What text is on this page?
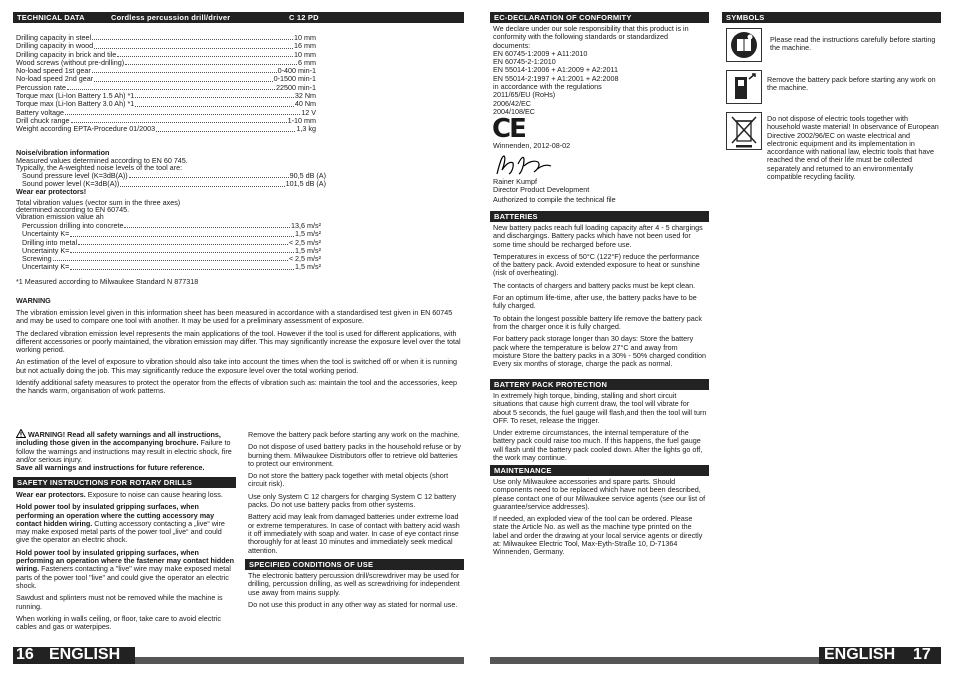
TECHNICAL DATA	Cordless percussion drill/driver	C 12 PD
Drilling capacity in steel	10 mm
Drilling capacity in wood	16 mm
Drilling capacity in brick and tile	10 mm
Wood screws (without pre-drilling)	6 mm
No-load speed 1st gear	0-400 min-1
No-load speed 2nd gear	0-1500 min-1
Percussion rate	22500 min-1
Torque max (Li-Ion Battery 1.5 Ah) *1	32 Nm
Torque max (Li-Ion Battery 3.0 Ah) *1	40 Nm
Battery voltage	12 V
Drill chuck range	1-10 mm
Weight according EPTA-Procedure 01/2003	1,3 kg
Noise/vibration information
Measured values determined according to EN 60 745.
Typically, the A-weighted noise levels of the tool are:
Sound pressure level (K=3dB(A))	90,5 dB (A)
Sound power level (K=3dB(A))	101,5 dB (A)
Wear ear protectors!
Total vibration values (vector sum in the three axes)
determined according to EN 60745.
Vibration emission value ah
Percussion drilling into concrete	13,6 m/s²
Uncertainty K=	1,5 m/s²
Drilling into metal	< 2,5 m/s²
Uncertainty K=	1,5 m/s²
Screwing	< 2,5 m/s²
Uncertainty K=	1,5 m/s²
*1 Measured according to Milwaukee Standard N 877318
WARNING

The vibration emission level given in this information sheet has been measured in accordance with a standardised test given in EN 60745 and may be used to compare one tool with another. It may be used for a preliminary assessment of exposure.

The declared vibration emission level represents the main applications of the tool. However if the tool is used for different applications, with different accessories or poorly maintained, the vibration emission may differ. This may significantly increase the exposure level over the total working period.

An estimation of the level of exposure to vibration should also take into account the times when the tool is switched off or when it is running but not actually doing the job. This may significantly reduce the exposure level over the total working period.

Identify additional safety measures to protect the operator from the effects of vibration such as: maintain the tool and the accessories, keep the hands warm, organisation of work patterns.

WARNING! Read all safety warnings and all instructions, including those given in the accompanying brochure. Failure to follow the warnings and instructions may result in electric shock, fire and/or serious injury.
Save all warnings and instructions for future reference.
SAFETY INSTRUCTIONS FOR ROTARY DRILLS

Wear ear protectors. Exposure to noise can cause hearing loss.

Hold power tool by insulated gripping surfaces, when performing an operation where the cutting accessory may contact hidden wiring. Cutting accessory contacting a „live“ wire may make exposed metal parts of the power tool „live“ and could give the operator an electric shock.

Hold power tool by insulated gripping surfaces, when performing an operation where the fastener may contact hidden wiring. Fasteners contacting a "live" wire may make exposed metal parts of the power tool "live" and could give the operator an electric shock.

Sawdust and splinters must not be removed while the machine is running.

When working in walls ceiling, or floor, take care to avoid electric cables and gas or waterpipes.

Remove the battery pack before starting any work on the machine.

Do not dispose of used battery packs in the household refuse or by burning them. Milwaukee Distributors offer to retrieve old batteries to protect our environment.

Do not store the battery pack together with metal objects (short circuit risk).

Use only System C 12 chargers for charging System C 12 battery packs. Do not use battery packs from other systems.

Battery acid may leak from damaged batteries under extreme load or extreme temperatures. In case of contact with battery acid wash it off immediately with soap and water. In case of eye contact rinse thoroughly for at least 10 minutes and immediately seek medical attention.

SPECIFIED CONDITIONS OF USE

The electronic battery percussion drill/screwdriver may be used for drilling, percussion drilling, as well as screwdriving for independent use away from mains supply.

Do not use this product in any other way as stated for normal use.

16 ENGLISH
EC-DECLARATION OF CONFORMITY
We declare under our sole responsibility that this product is in conformity with the following standards or standardized documents:
EN 60745-1:2009 + A11:2010
EN 60745-2-1:2010
EN 55014-1:2006 + A1:2009 + A2:2011
EN 55014-2:1997 + A1:2001 + A2:2008
in accordance with the regulations
2011/65/EU (RoHs)
2006/42/EC
2004/108/EC
CE
Winnenden, 2012-08-02
Rainer Kumpf
Director Product Development
Authorized to compile the technical file
BATTERIES

New battery packs reach full loading capacity after 4 - 5 chargings and dischargings. Battery packs which have not been used for some time should be recharged before use.

Temperatures in excess of 50°C (122°F) reduce the performance of the battery pack. Avoid extended exposure to heat or sunshine (risk of overheating).

The contacts of chargers and battery packs must be kept clean.

For an optimum life-time, after use, the battery packs have to be fully charged.

To obtain the longest possible battery life remove the battery pack from the charger once it is fully charged.

For battery pack storage longer than 30 days: Store the battery pack where the temperature is below 27°C and away from moisture Store the battery packs in a 30% - 50% charged condition Every six months of storage, charge the pack as normal.

BATTERY PACK PROTECTION

In extremely high torque, binding, stalling and short circuit situations that cause high current draw, the tool will vibrate for about 5 seconds, the fuel gauge will flash,and then the tool will turn OFF. To reset, release the trigger.

Under extreme circumstances, the internal temperature of the battery pack could raise too much. If this happens, the fuel gauge will flash until the battery pack cooled down. After the lights go off, the work may continue.

MAINTENANCE

Use only Milwaukee accessories and spare parts. Should components need to be replaced which have not been described, please contact one of our Milwaukee service agents (see our list of guarantee/service addresses).

If needed, an exploded view of the tool can be ordered. Please state the Article No. as well as the machine type printed on the label and order the drawing at your local service agents or directly at: Milwaukee Electric Tool, Max-Eyth-Straße 10, D-71364 Winnenden, Germany.

SYMBOLS
Please read the instructions carefully before starting the machine.
Remove the battery pack before starting any work on the machine.
Do not dispose of electric tools together with household waste material! In observance of European Directive 2002/96/EC on waste electrical and electronic equipment and its implementation in accordance with national law, electric tools that have reached the end of their life must be collected separately and returned to an environmentally compatible recycling facility.
ENGLISH 17
